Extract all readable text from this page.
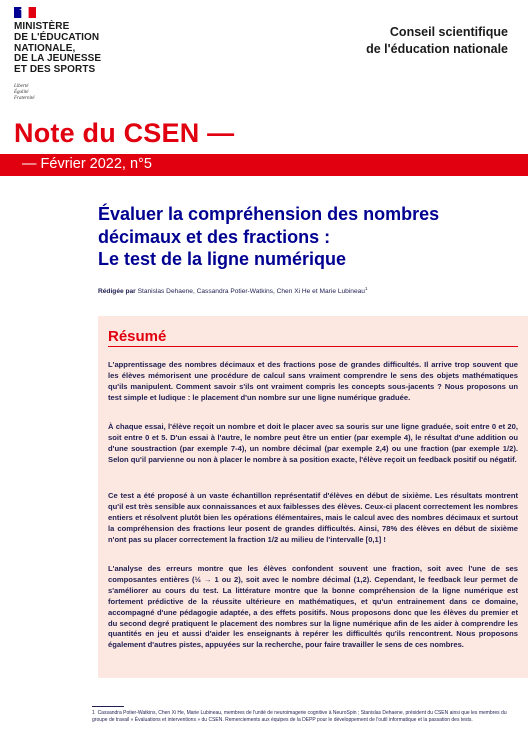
MINISTÈRE
DE L'ÉDUCATION
NATIONALE,
DE LA JEUNESSE
ET DES SPORTS
Liberté
Égalité
Fraternité
Conseil scientifique
de l'éducation nationale
Note du CSEN —
— Février 2022, n°5
Évaluer la compréhension des nombres
décimaux et des fractions :
Le test de la ligne numérique
Rédigée par Stanislas Dehaene, Cassandra Potier-Watkins, Chen Xi He et Marie Lubineau$^1$
Résumé
L'apprentissage des nombres décimaux et des fractions pose de grandes difficultés. Il arrive trop souvent que les élèves mémorisent une procédure de calcul sans vraiment comprendre le sens des objets mathématiques qu'ils manipulent. Comment savoir s'ils ont vraiment compris les concepts sous-jacents ? Nous proposons un test simple et ludique : le placement d'un nombre sur une ligne numérique graduée.
À chaque essai, l'élève reçoit un nombre et doit le placer avec sa souris sur une ligne graduée, soit entre 0 et 20, soit entre 0 et 5. D'un essai à l'autre, le nombre peut être un entier (par exemple 4), le résultat d'une addition ou d'une soustraction (par exemple 7-4), un nombre décimal (par exemple 2,4) ou une fraction (par exemple 1/2). Selon qu'il parvienne ou non à placer le nombre à sa position exacte, l'élève reçoit un feedback positif ou négatif.
Ce test a été proposé à un vaste échantillon représentatif d'élèves en début de sixième. Les résultats montrent qu'il est très sensible aux connaissances et aux faiblesses des élèves. Ceux-ci placent correctement les nombres entiers et résolvent plutôt bien les opérations élémentaires, mais le calcul avec des nombres décimaux et surtout la compréhension des fractions leur posent de grandes difficultés. Ainsi, 78% des élèves en début de sixième n'ont pas su placer correctement la fraction 1/2 au milieu de l'intervalle [0,1] !
L'analyse des erreurs montre que les élèves confondent souvent une fraction, soit avec l'une de ses composantes entières (½ → 1 ou 2), soit avec le nombre décimal (1,2). Cependant, le feedback leur permet de s'améliorer au cours du test. La littérature montre que la bonne compréhension de la ligne numérique est fortement prédictive de la réussite ultérieure en mathématiques, et qu'un entrainement dans ce domaine, accompagné d'une pédagogie adaptée, a des effets positifs. Nous proposons donc que les élèves du premier et du second degré pratiquent le placement des nombres sur la ligne numérique afin de les aider à comprendre les quantités en jeu et aussi d'aider les enseignants à repérer les difficultés qu'ils rencontrent. Nous proposons également d'autres pistes, appuyées sur la recherche, pour faire travailler le sens de ces nombres.
1 Cassandra Potier-Watkins, Chen Xi He, Marie Lubineau, membres de l'unité de neuroimagerie cognitive à NeuroSpin ; Stanislas Dehaene, président du CSEN ainsi que les membres du groupe de travail « Évaluations et interventions » du CSEN. Remerciements aux équipes de la DEPP pour le développement de l'outil informatique et la passation des tests.
